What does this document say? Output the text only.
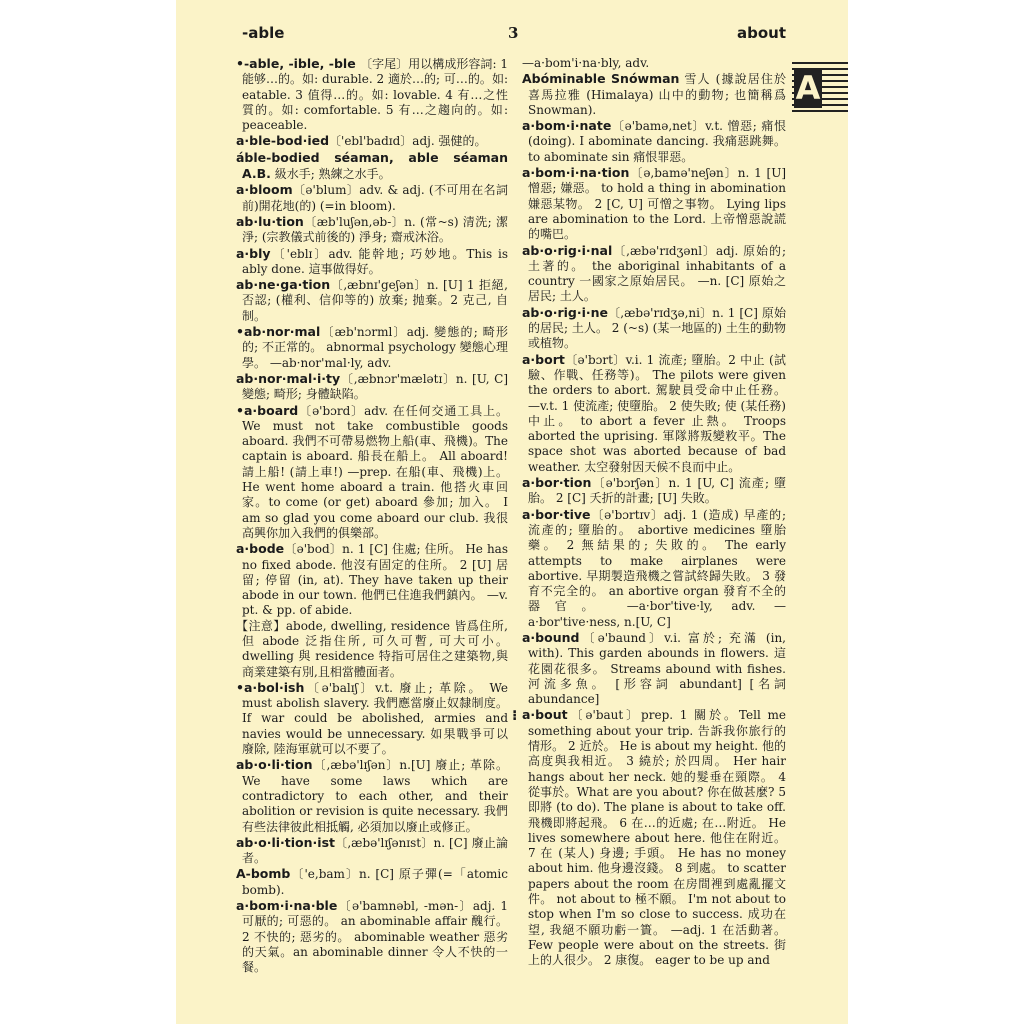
-able	3	about
A
•-able, -ible, -ble 〔字尾〕用以構成形容詞: 1 能够…的。如: durable. 2 適於…的; 可…的。如: eatable. 3 值得…的。如: lovable. 4 有…之性質的。如: comfortable. 5 有…之趨向的。如: peaceable.
a·ble-bod·ied〔'ebl'badɪd〕adj. 强健的。
áble-bodied séaman, able séaman A.B. 級水手; 熟練之水手。
a·bloom〔ə'blum〕adv. & adj. (不可用在名詞前)開花地(的) (=in bloom).
ab·lu·tion〔æb'luʃən,əb-〕n. (常~s) 清洗; 潔淨; (宗教儀式前後的) 淨身; 齋戒沐浴。
a·bly〔'eblɪ〕adv. 能幹地; 巧妙地。This is ably done. 這事做得好。
ab·ne·ga·tion〔,æbnɪ'geʃən〕n. [U] 1 拒絕, 否認; (權利、信仰等的) 放棄; 抛棄。2 克己, 自制。
•ab·nor·mal〔æb'nɔrml〕adj. 變態的; 畸形的; 不正常的。 abnormal psychology 變態心理學。 —ab·nor'mal·ly, adv.
ab·nor·mal·i·ty〔,æbnɔr'mælətɪ〕n. [U, C] 變態; 畸形; 身體缺陷。
•a·board〔ə'bɔrd〕adv. 在任何交通工具上。 We must not take combustible goods aboard. 我們不可帶易燃物上船(車、飛機)。The captain is aboard. 船長在船上。 All aboard! 請上船! (請上車!) —prep. 在船(車、飛機)上。He went home aboard a train. 他搭火車回家。to come (or get) aboard 參加; 加入。 I am so glad you come aboard our club. 我很高興你加入我們的俱樂部。
a·bode〔ə'bod〕n. 1 [C] 住處; 住所。 He has no fixed abode. 他沒有固定的住所。 2 [U] 居留; 停留 (in, at). They have taken up their abode in our town. 他們已住進我們鎮內。 —v. pt. & pp. of abide.
【注意】abode, dwelling, residence 皆爲住所, 但 abode 泛指住所, 可久可暫, 可大可小。dwelling 與 residence 特指可居住之建築物,與商業建築有別,且相當體面者。
•a·bol·ish〔ə'balɪʃ〕v.t. 廢止; 革除。 We must abolish slavery. 我們應當廢止奴隸制度。 If war could be abolished, armies and navies would be unnecessary. 如果戰爭可以廢除, 陸海軍就可以不要了。
ab·o·li·tion〔,æbə'lɪʃən〕n.[U] 廢止; 革除。We have some laws which are contradictory to each other, and their abolition or revision is quite necessary. 我們有些法律彼此相抵觸, 必須加以廢止或修正。
ab·o·li·tion·ist〔,æbə'lɪʃənɪst〕n. [C] 廢止論者。
A-bomb〔'e,bam〕n. [C] 原子彈(=「atomic bomb).
a·bom·i·na·ble〔ə'bamnəbl, -mən-〕adj. 1 可厭的; 可惡的。 an abominable affair 醜行。 2 不快的; 惡劣的。 abominable weather 惡劣的天氣。an abominable dinner 令人不快的一餐。
⁝
—a·bom'i·na·bly, adv.
Abóminable Snówman 雪人 (據說居住於喜馬拉雅 (Himalaya) 山中的動物; 也簡稱爲 Snowman).
a·bom·i·nate〔ə'bamə,net〕v.t. 憎惡; 痛恨 (doing). I abominate dancing. 我痛惡跳舞。to abominate sin 痛恨罪惡。
a·bom·i·na·tion〔ə,bamə'neʃən〕n. 1 [U] 憎惡; 嫌惡。 to hold a thing in abomination 嫌惡某物。 2 [C, U] 可憎之事物。 Lying lips are abomination to the Lord. 上帝憎惡說謊的嘴巴。
ab·o·rig·i·nal〔,æbə'rɪdʒənl〕adj. 原始的; 土著的。 the aboriginal inhabitants of a country 一國家之原始居民。 —n. [C] 原始之居民; 土人。
ab·o·rig·i·ne〔,æbə'rɪdʒə,ni〕n. 1 [C] 原始的居民; 土人。 2 (~s) (某一地區的) 土生的動物或植物。
a·bort〔ə'bɔrt〕v.i. 1 流產; 墮胎。2 中止 (試驗、作戰、任務等)。 The pilots were given the orders to abort. 駕駛員受命中止任務。 —v.t. 1 使流產; 使墮胎。 2 使失敗; 使 (某任務) 中止。 to abort a fever 止熱。 Troops aborted the uprising. 軍隊將叛變敉平。The space shot was aborted because of bad weather. 太空發射因天候不良而中止。
a·bor·tion〔ə'bɔrʃən〕n. 1 [U, C] 流產; 墮胎。 2 [C] 夭折的計畫; [U] 失敗。
a·bor·tive〔ə'bɔrtɪv〕adj. 1 (造成) 早產的; 流產的; 墮胎的。 abortive medicines 墮胎藥。 2 無結果的; 失敗的。 The early attempts to make airplanes were abortive. 早期製造飛機之嘗試終歸失敗。 3 發育不完全的。 an abortive organ 發育不全的器官。 —a·bor'tive·ly, adv. —a·bor'tive·ness, n.[U, C]
a·bound〔ə'baund〕v.i. 富於; 充滿 (in, with). This garden abounds in flowers. 這花園花很多。 Streams abound with fishes. 河流多魚。 [形容詞 abundant] [名詞 abundance]
a·bout〔ə'baut〕prep. 1 關於。Tell me something about your trip. 告訴我你旅行的情形。 2 近於。 He is about my height. 他的高度與我相近。 3 繞於; 於四周。 Her hair hangs about her neck. 她的髮垂在頸際。 4 從事於。What are you about? 你在做甚麼? 5 即將 (to do). The plane is about to take off. 飛機即將起飛。 6 在…的近處; 在…附近。 He lives somewhere about here. 他住在附近。 7 在 (某人) 身邊; 手頭。 He has no money about him. 他身邊沒錢。 8 到處。 to scatter papers about the room 在房間裡到處亂擺文件。 not about to 極不願。 I'm not about to stop when I'm so close to success. 成功在望, 我絕不願功虧一簣。 —adj. 1 在活動著。 Few people were about on the streets. 街上的人很少。 2 康復。 eager to be up and
